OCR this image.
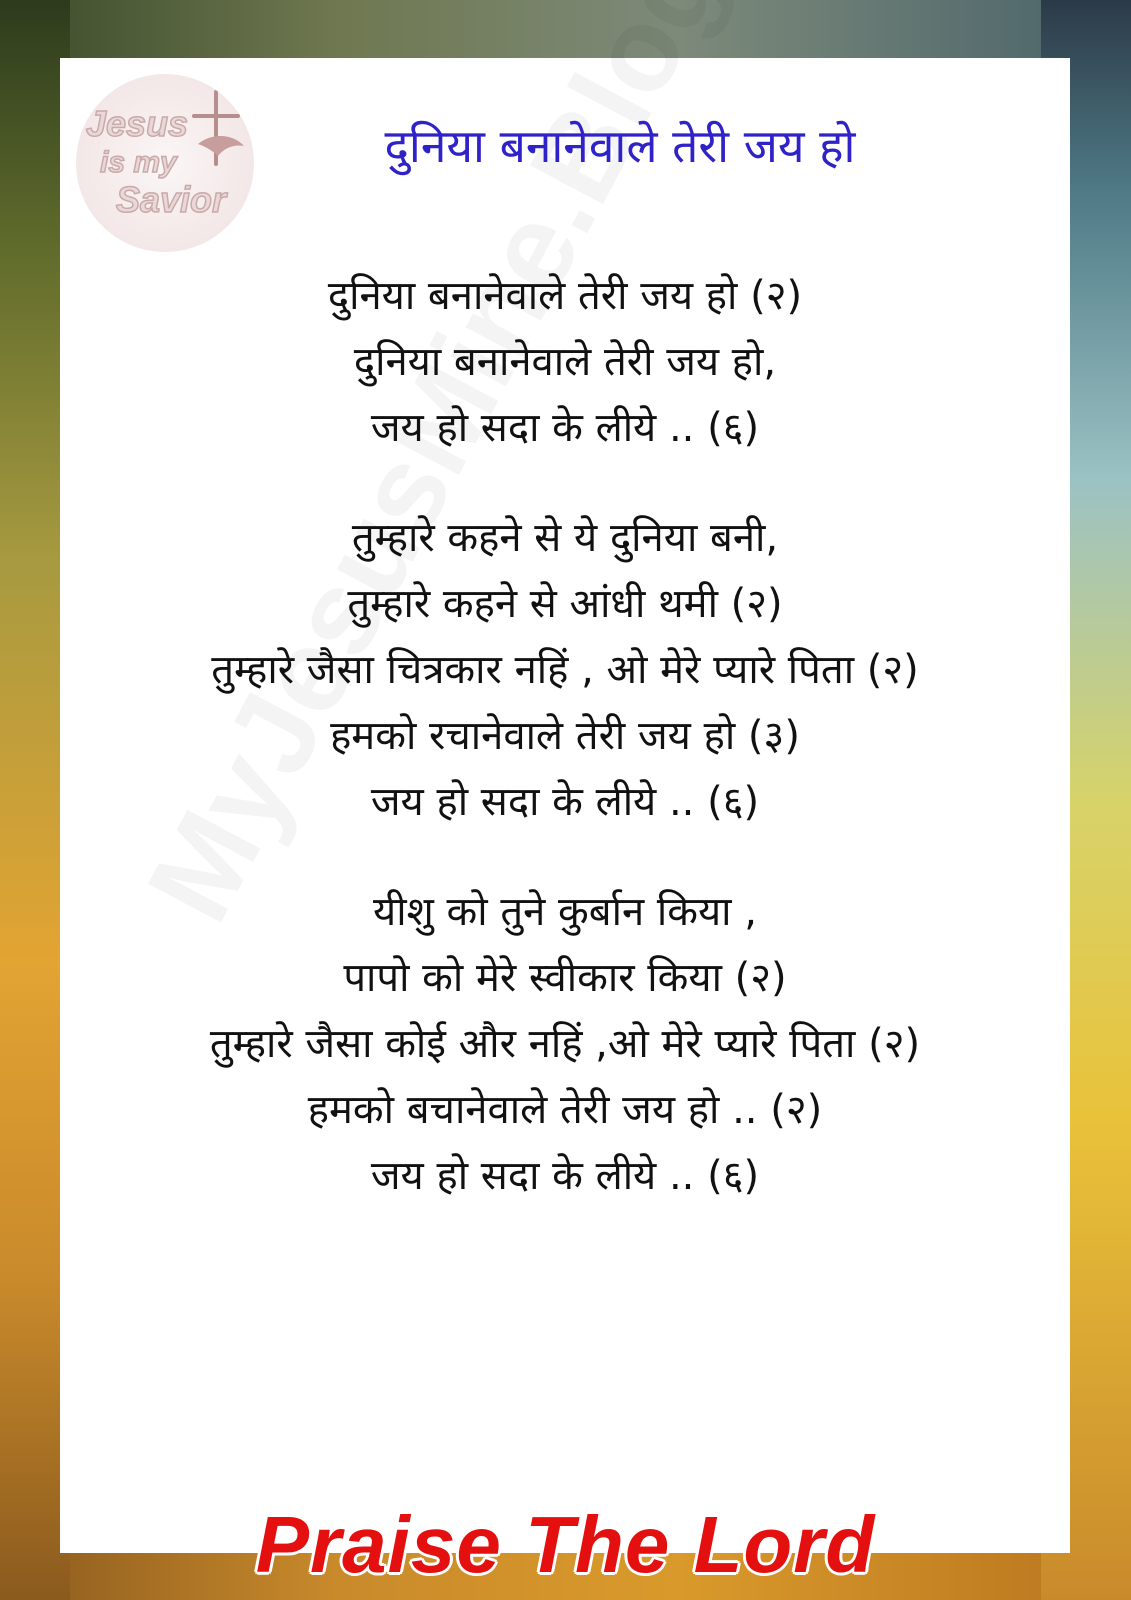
Jesus
is my
Savior
दुनिया बनानेवाले तेरी जय हो
दुनिया बनानेवाले तेरी जय हो (२)
दुनिया बनानेवाले तेरी जय हो,
जय हो सदा के लीये .. (६)
तुम्हारे कहने से ये दुनिया बनी,
तुम्हारे कहने से आंधी थमी (२)
तुम्हारे जैसा चित्रकार नहिं , ओ मेरे प्यारे पिता (२)
हमको रचानेवाले तेरी जय हो (३)
जय हो सदा के लीये .. (६)
यीशु को तुने कुर्बान किया ,
पापो को मेरे स्वीकार किया (२)
तुम्हारे जैसा कोई और नहिं ,ओ मेरे प्यारे पिता (२)
हमको बचानेवाले तेरी जय हो .. (२)
जय हो सदा के लीये .. (६)
Praise The Lord
